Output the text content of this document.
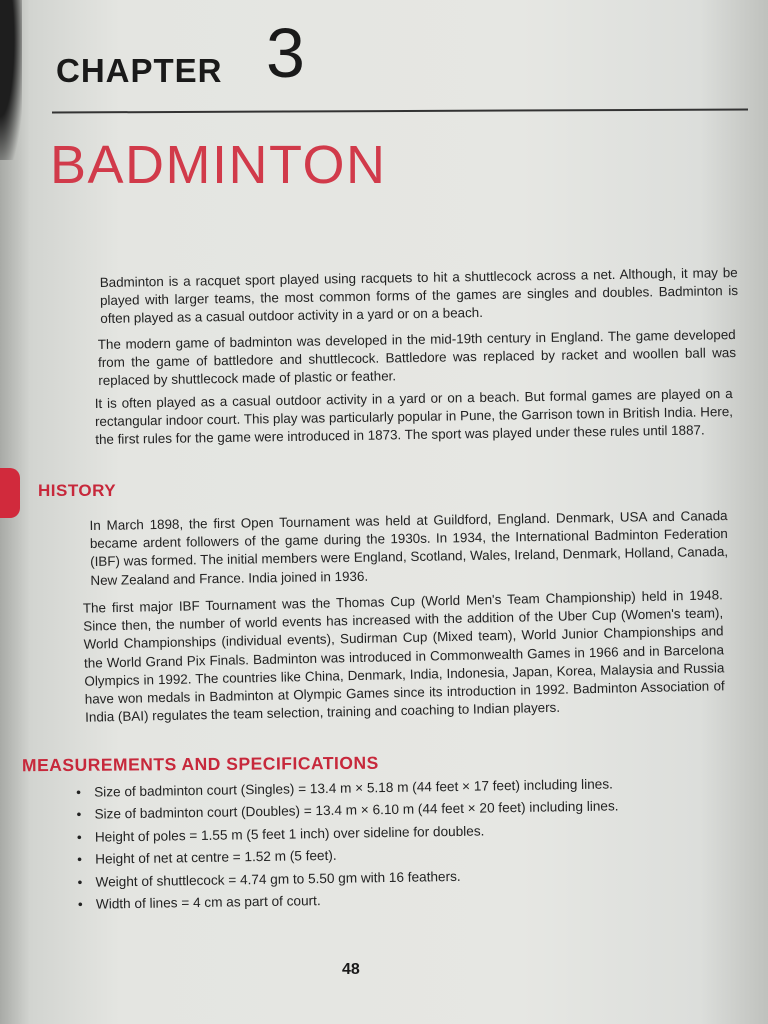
CHAPTER 3
BADMINTON

Badminton is a racquet sport played using racquets to hit a shuttlecock across a net. Although, it may be played with larger teams, the most common forms of the games are singles and doubles. Badminton is often played as a casual outdoor activity in a yard or on a beach.

The modern game of badminton was developed in the mid-19th century in England. The game developed from the game of battledore and shuttlecock. Battledore was replaced by racket and woollen ball was replaced by shuttlecock made of plastic or feather.

It is often played as a casual outdoor activity in a yard or on a beach. But formal games are played on a rectangular indoor court. This play was particularly popular in Pune, the Garrison town in British India. Here, the first rules for the game were introduced in 1873. The sport was played under these rules until 1887.

HISTORY

In March 1898, the first Open Tournament was held at Guildford, England. Denmark, USA and Canada became ardent followers of the game during the 1930s. In 1934, the International Badminton Federation (IBF) was formed. The initial members were England, Scotland, Wales, Ireland, Denmark, Holland, Canada, New Zealand and France. India joined in 1936.

The first major IBF Tournament was the Thomas Cup (World Men's Team Championship) held in 1948. Since then, the number of world events has increased with the addition of the Uber Cup (Women's team), World Championships (individual events), Sudirman Cup (Mixed team), World Junior Championships and the World Grand Pix Finals. Badminton was introduced in Commonwealth Games in 1966 and in Barcelona Olympics in 1992. The countries like China, Denmark, India, Indonesia, Japan, Korea, Malaysia and Russia have won medals in Badminton at Olympic Games since its introduction in 1992. Badminton Association of India (BAI) regulates the team selection, training and coaching to Indian players.

MEASUREMENTS AND SPECIFICATIONS
• Size of badminton court (Singles) = 13.4 m × 5.18 m (44 feet × 17 feet) including lines.
• Size of badminton court (Doubles) = 13.4 m × 6.10 m (44 feet × 20 feet) including lines.
• Height of poles = 1.55 m (5 feet 1 inch) over sideline for doubles.
• Height of net at centre = 1.52 m (5 feet).
• Weight of shuttlecock = 4.74 gm to 5.50 gm with 16 feathers.
• Width of lines = 4 cm as part of court.
48
